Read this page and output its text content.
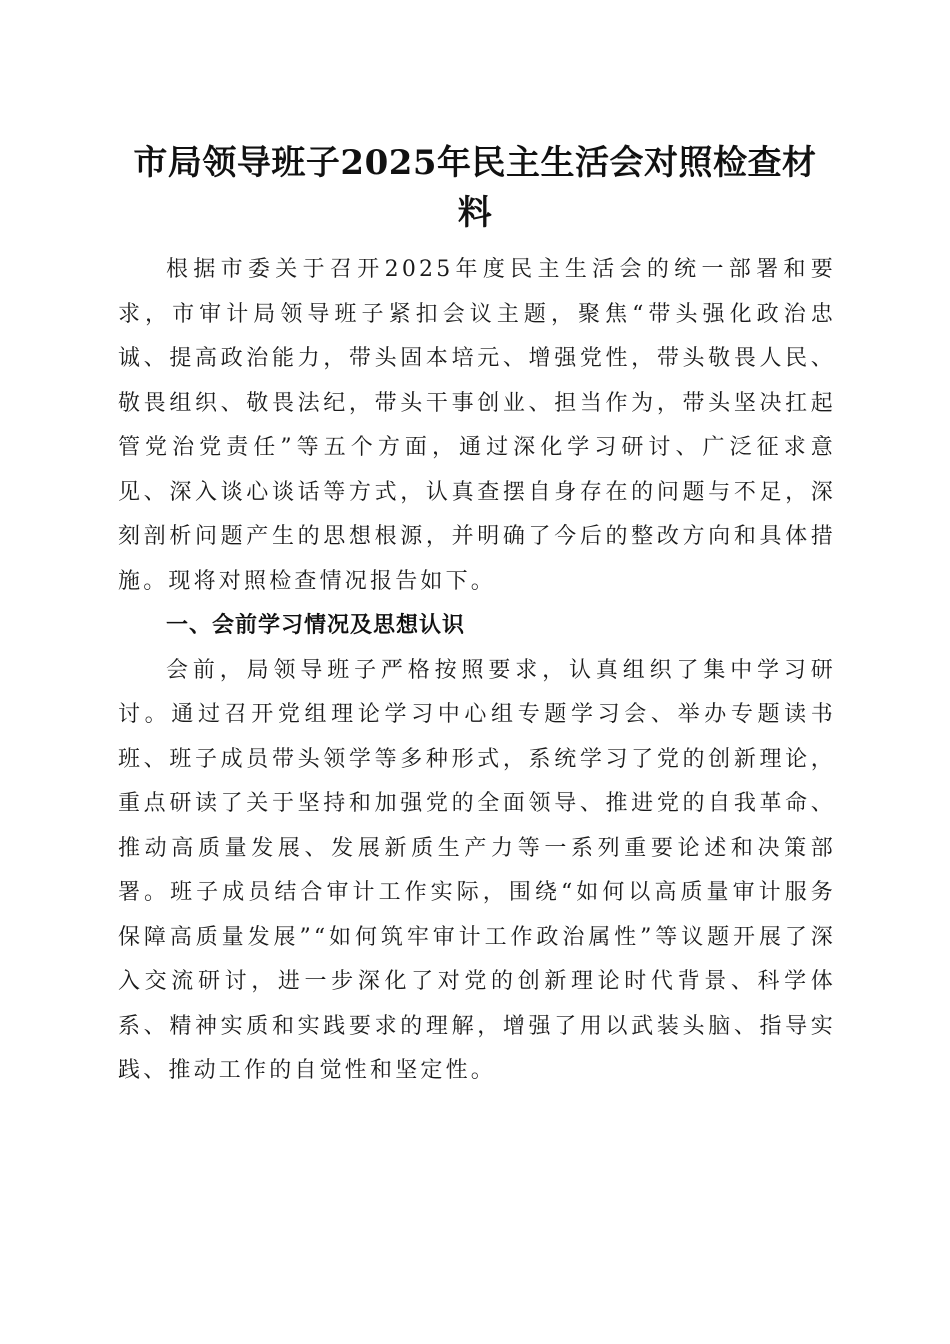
市局领导班子2025年民主生活会对照检查材料

根据市委关于召开2025年度民主生活会的统一部署和要求，市审计局领导班子紧扣会议主题，聚焦“带头强化政治忠诚、提高政治能力，带头固本培元、增强党性，带头敬畏人民、敬畏组织、敬畏法纪，带头干事创业、担当作为，带头坚决扛起管党治党责任”等五个方面，通过深化学习研讨、广泛征求意见、深入谈心谈话等方式，认真查摆自身存在的问题与不足，深刻剖析问题产生的思想根源，并明确了今后的整改方向和具体措施。现将对照检查情况报告如下。

一、会前学习情况及思想认识

会前，局领导班子严格按照要求，认真组织了集中学习研讨。通过召开党组理论学习中心组专题学习会、举办专题读书班、班子成员带头领学等多种形式，系统学习了党的创新理论，重点研读了关于坚持和加强党的全面领导、推进党的自我革命、推动高质量发展、发展新质生产力等一系列重要论述和决策部署。班子成员结合审计工作实际，围绕“如何以高质量审计服务保障高质量发展”“如何筑牢审计工作政治属性”等议题开展了深入交流研讨，进一步深化了对党的创新理论时代背景、科学体系、精神实质和实践要求的理解，增强了用以武装头脑、指导实践、推动工作的自觉性和坚定性。
